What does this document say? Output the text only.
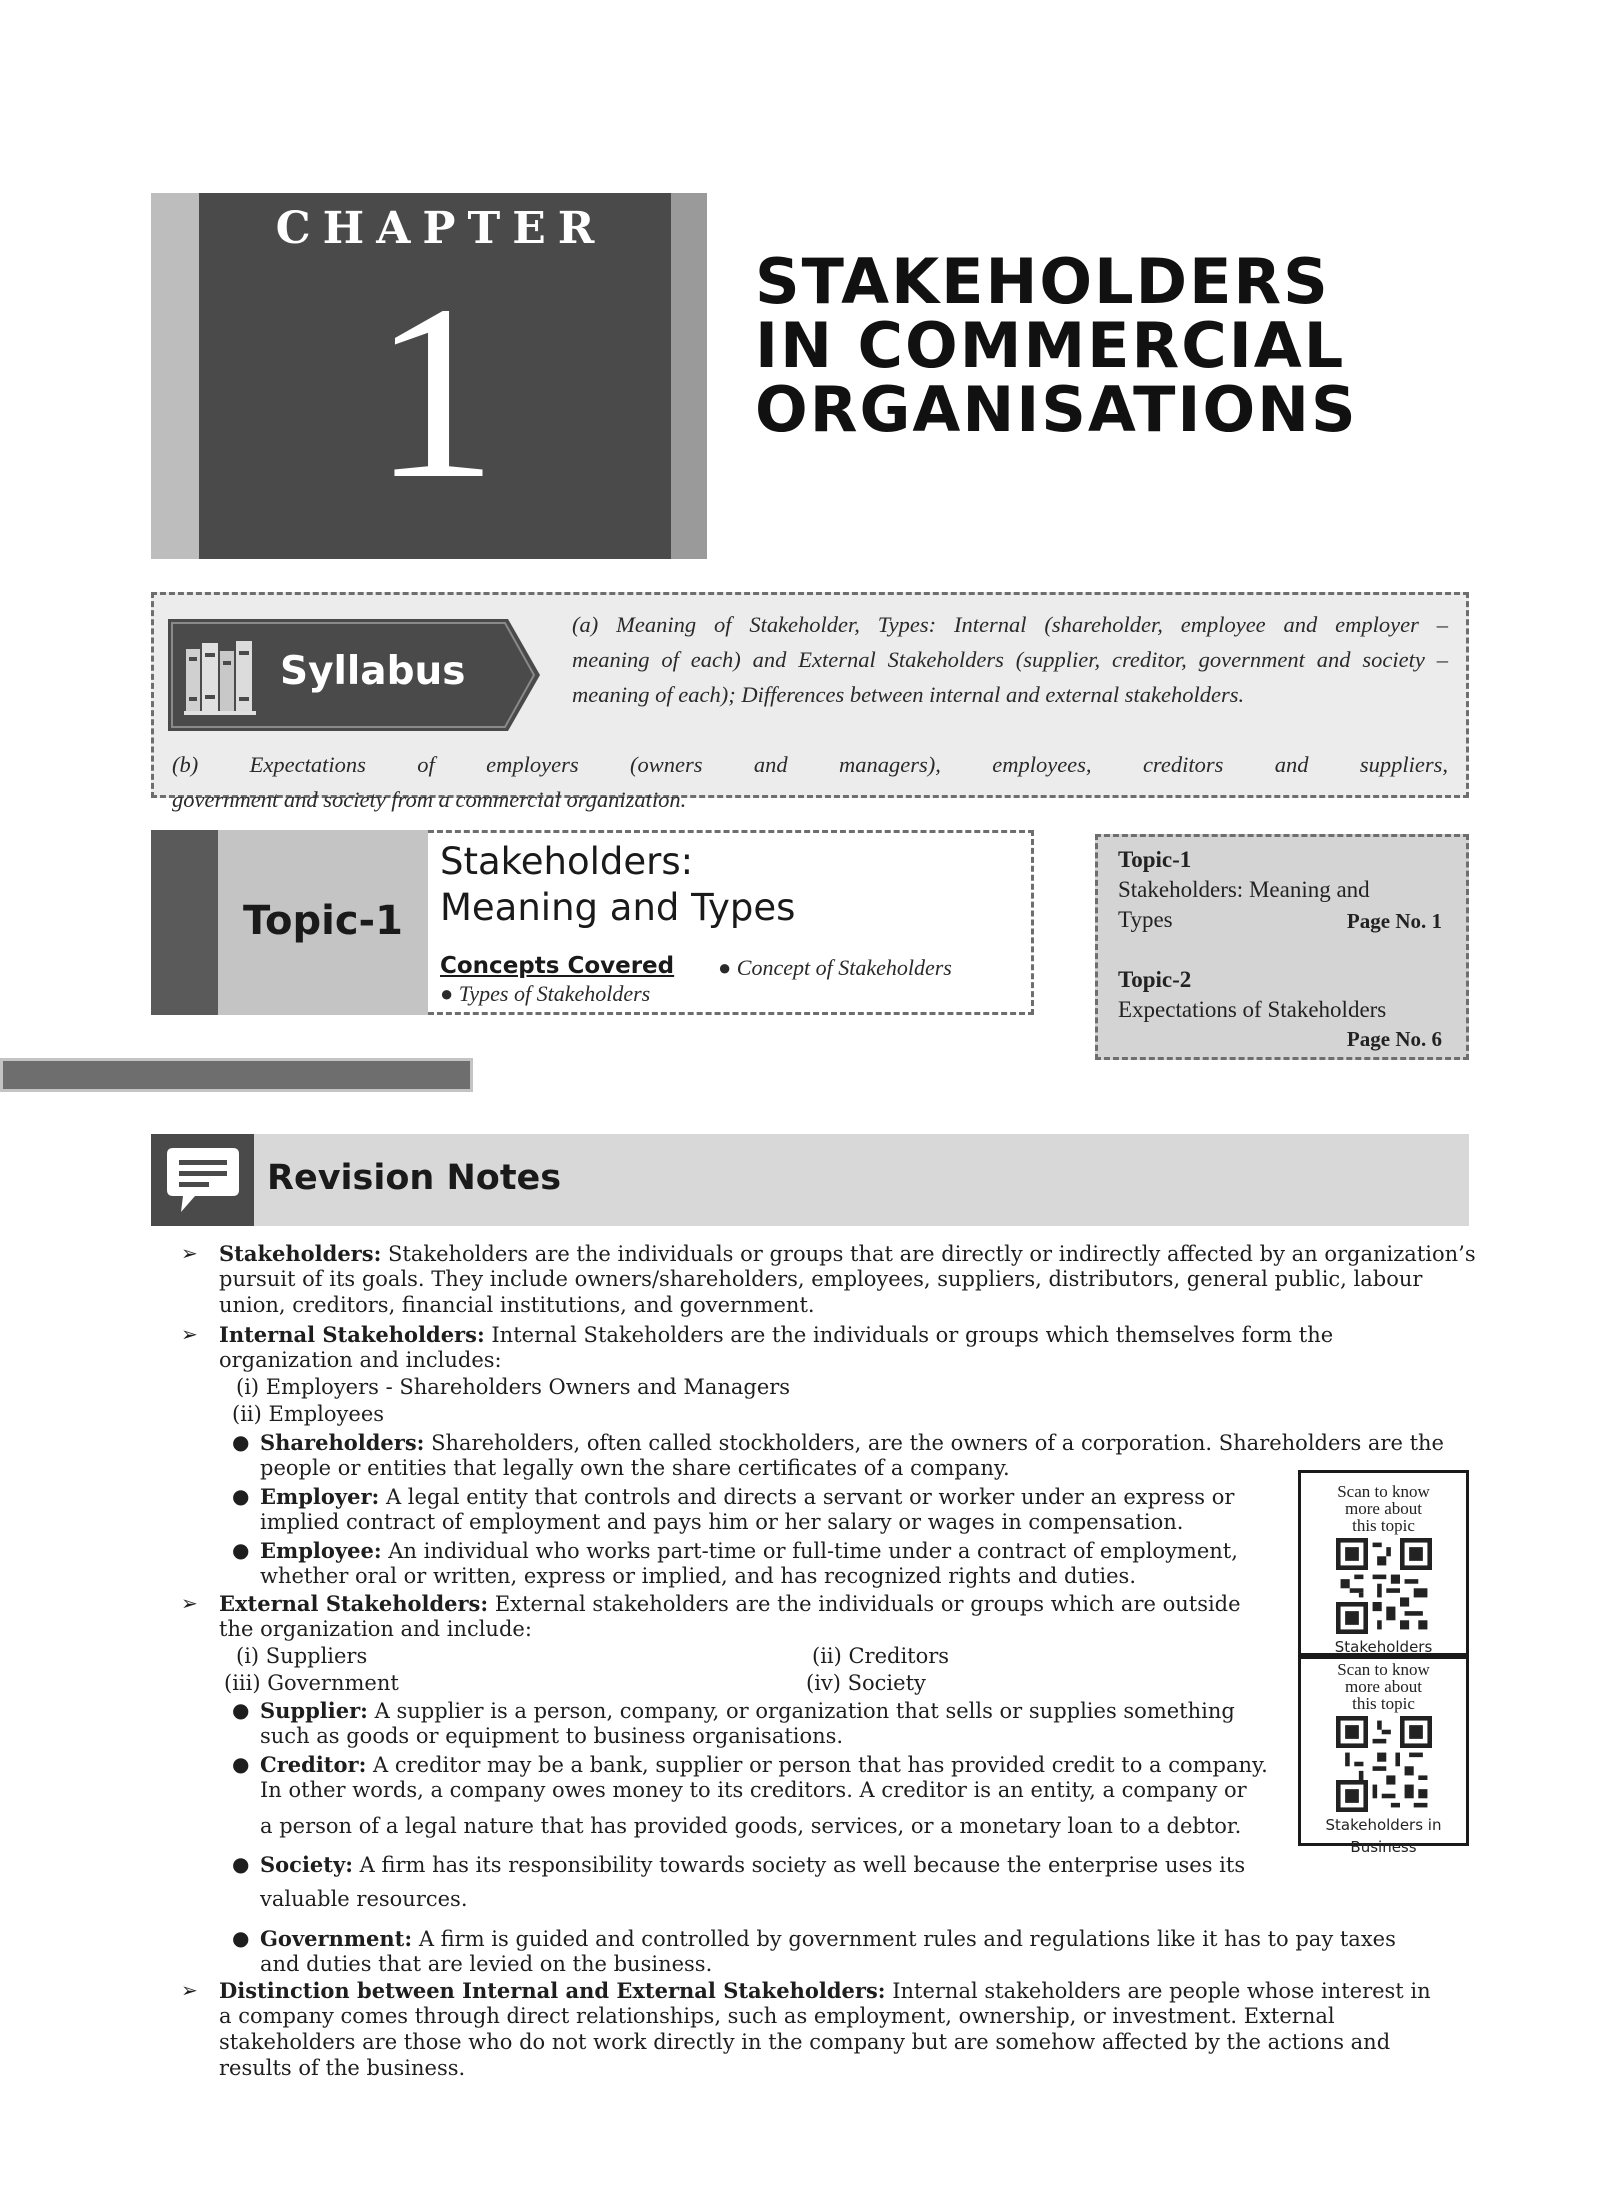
CHAPTER
1	STAKEHOLDERS
IN COMMERCIAL
ORGANISATIONS
Syllabus

(a) Meaning of Stakeholder, Types: Internal (shareholder, employee and employer –

meaning of each) and External Stakeholders (supplier, creditor, government and society –

meaning of each); Differences between internal and external stakeholders.

(b) Expectations of employers (owners and managers), employees, creditors and suppliers,

government and society from a commercial organization.

Topic-1
Stakeholders:
Meaning and Types
Concepts Covered ● Concept of Stakeholders
● Types of Stakeholders
Topic-1
Stakeholders: Meaning and
Types	Page No. 1
Topic-2
Expectations of Stakeholders
Page No. 6
Revision Notes
➢ Stakeholders: Stakeholders are the individuals or groups that are directly or indirectly affected by an organization’s
pursuit of its goals. They include owners/shareholders, employees, suppliers, distributors, general public, labour
union, creditors, financial institutions, and government.
➢ Internal Stakeholders: Internal Stakeholders are the individuals or groups which themselves form the
organization and includes:
(i) Employers - Shareholders Owners and Managers
(ii) Employees
● Shareholders: Shareholders, often called stockholders, are the owners of a corporation. Shareholders are the
people or entities that legally own the share certificates of a company.
● Employer: A legal entity that controls and directs a servant or worker under an express or
implied contract of employment and pays him or her salary or wages in compensation.
● Employee: An individual who works part-time or full-time under a contract of employment,
whether oral or written, express or implied, and has recognized rights and duties.
➢ External Stakeholders: External stakeholders are the individuals or groups which are outside
the organization and include:
(i) Suppliers	(ii) Creditors
(iii) Government	(iv) Society
● Supplier: A supplier is a person, company, or organization that sells or supplies something
such as goods or equipment to business organisations.
● Creditor: A creditor may be a bank, supplier or person that has provided credit to a company.
In other words, a company owes money to its creditors. A creditor is an entity, a company or
a person of a legal nature that has provided goods, services, or a monetary loan to a debtor.
● Society: A firm has its responsibility towards society as well because the enterprise uses its
valuable resources.
● Government: A firm is guided and controlled by government rules and regulations like it has to pay taxes
and duties that are levied on the business.
➢ Distinction between Internal and External Stakeholders: Internal stakeholders are people whose interest in
a company comes through direct relationships, such as employment, ownership, or investment. External
stakeholders are those who do not work directly in the company but are somehow affected by the actions and
results of the business.
Scan to know
more about
this topic
Stakeholders
Scan to know
more about
this topic
Stakeholders in
Business
